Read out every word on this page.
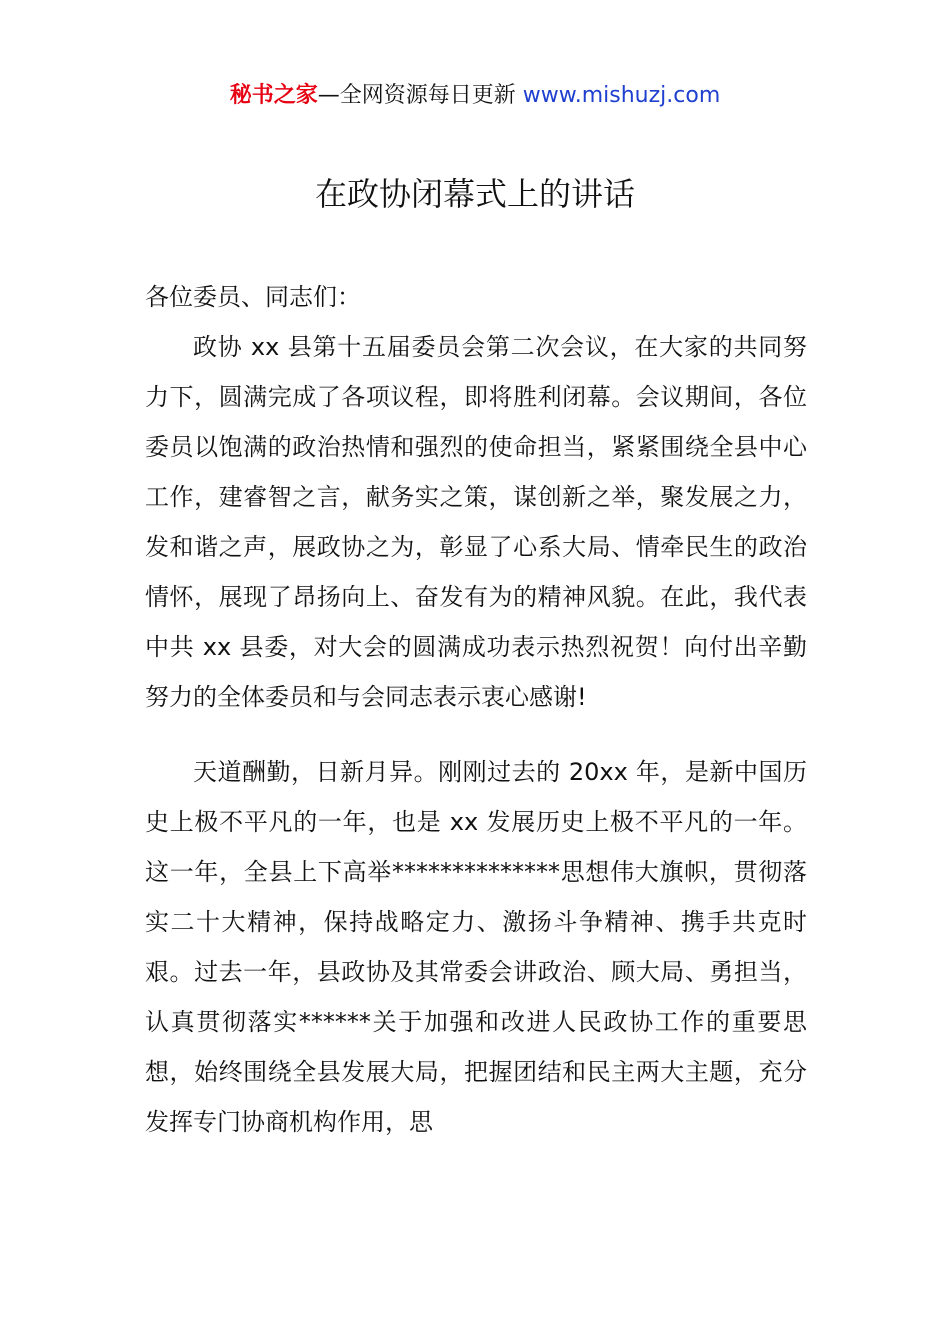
秘书之家—全网资源每日更新 www.mishuzj.com
在政协闭幕式上的讲话

各位委员、同志们：

政协 xx 县第十五届委员会第二次会议，在大家的共同努力下，圆满完成了各项议程，即将胜利闭幕。会议期间，各位委员以饱满的政治热情和强烈的使命担当，紧紧围绕全县中心工作，建睿智之言，献务实之策，谋创新之举，聚发展之力，发和谐之声，展政协之为，彰显了心系大局、情牵民生的政治情怀，展现了昂扬向上、奋发有为的精神风貌。在此，我代表中共 xx 县委，对大会的圆满成功表示热烈祝贺！向付出辛勤努力的全体委员和与会同志表示衷心感谢!

天道酬勤，日新月异。刚刚过去的 20xx 年，是新中国历史上极不平凡的一年，也是 xx 发展历史上极不平凡的一年。这一年，全县上下高举**************思想伟大旗帜，贯彻落实二十大精神，保持战略定力、激扬斗争精神、携手共克时艰。过去一年，县政协及其常委会讲政治、顾大局、勇担当，认真贯彻落实******关于加强和改进人民政协工作的重要思想，始终围绕全县发展大局，把握团结和民主两大主题，充分发挥专门协商机构作用，思
